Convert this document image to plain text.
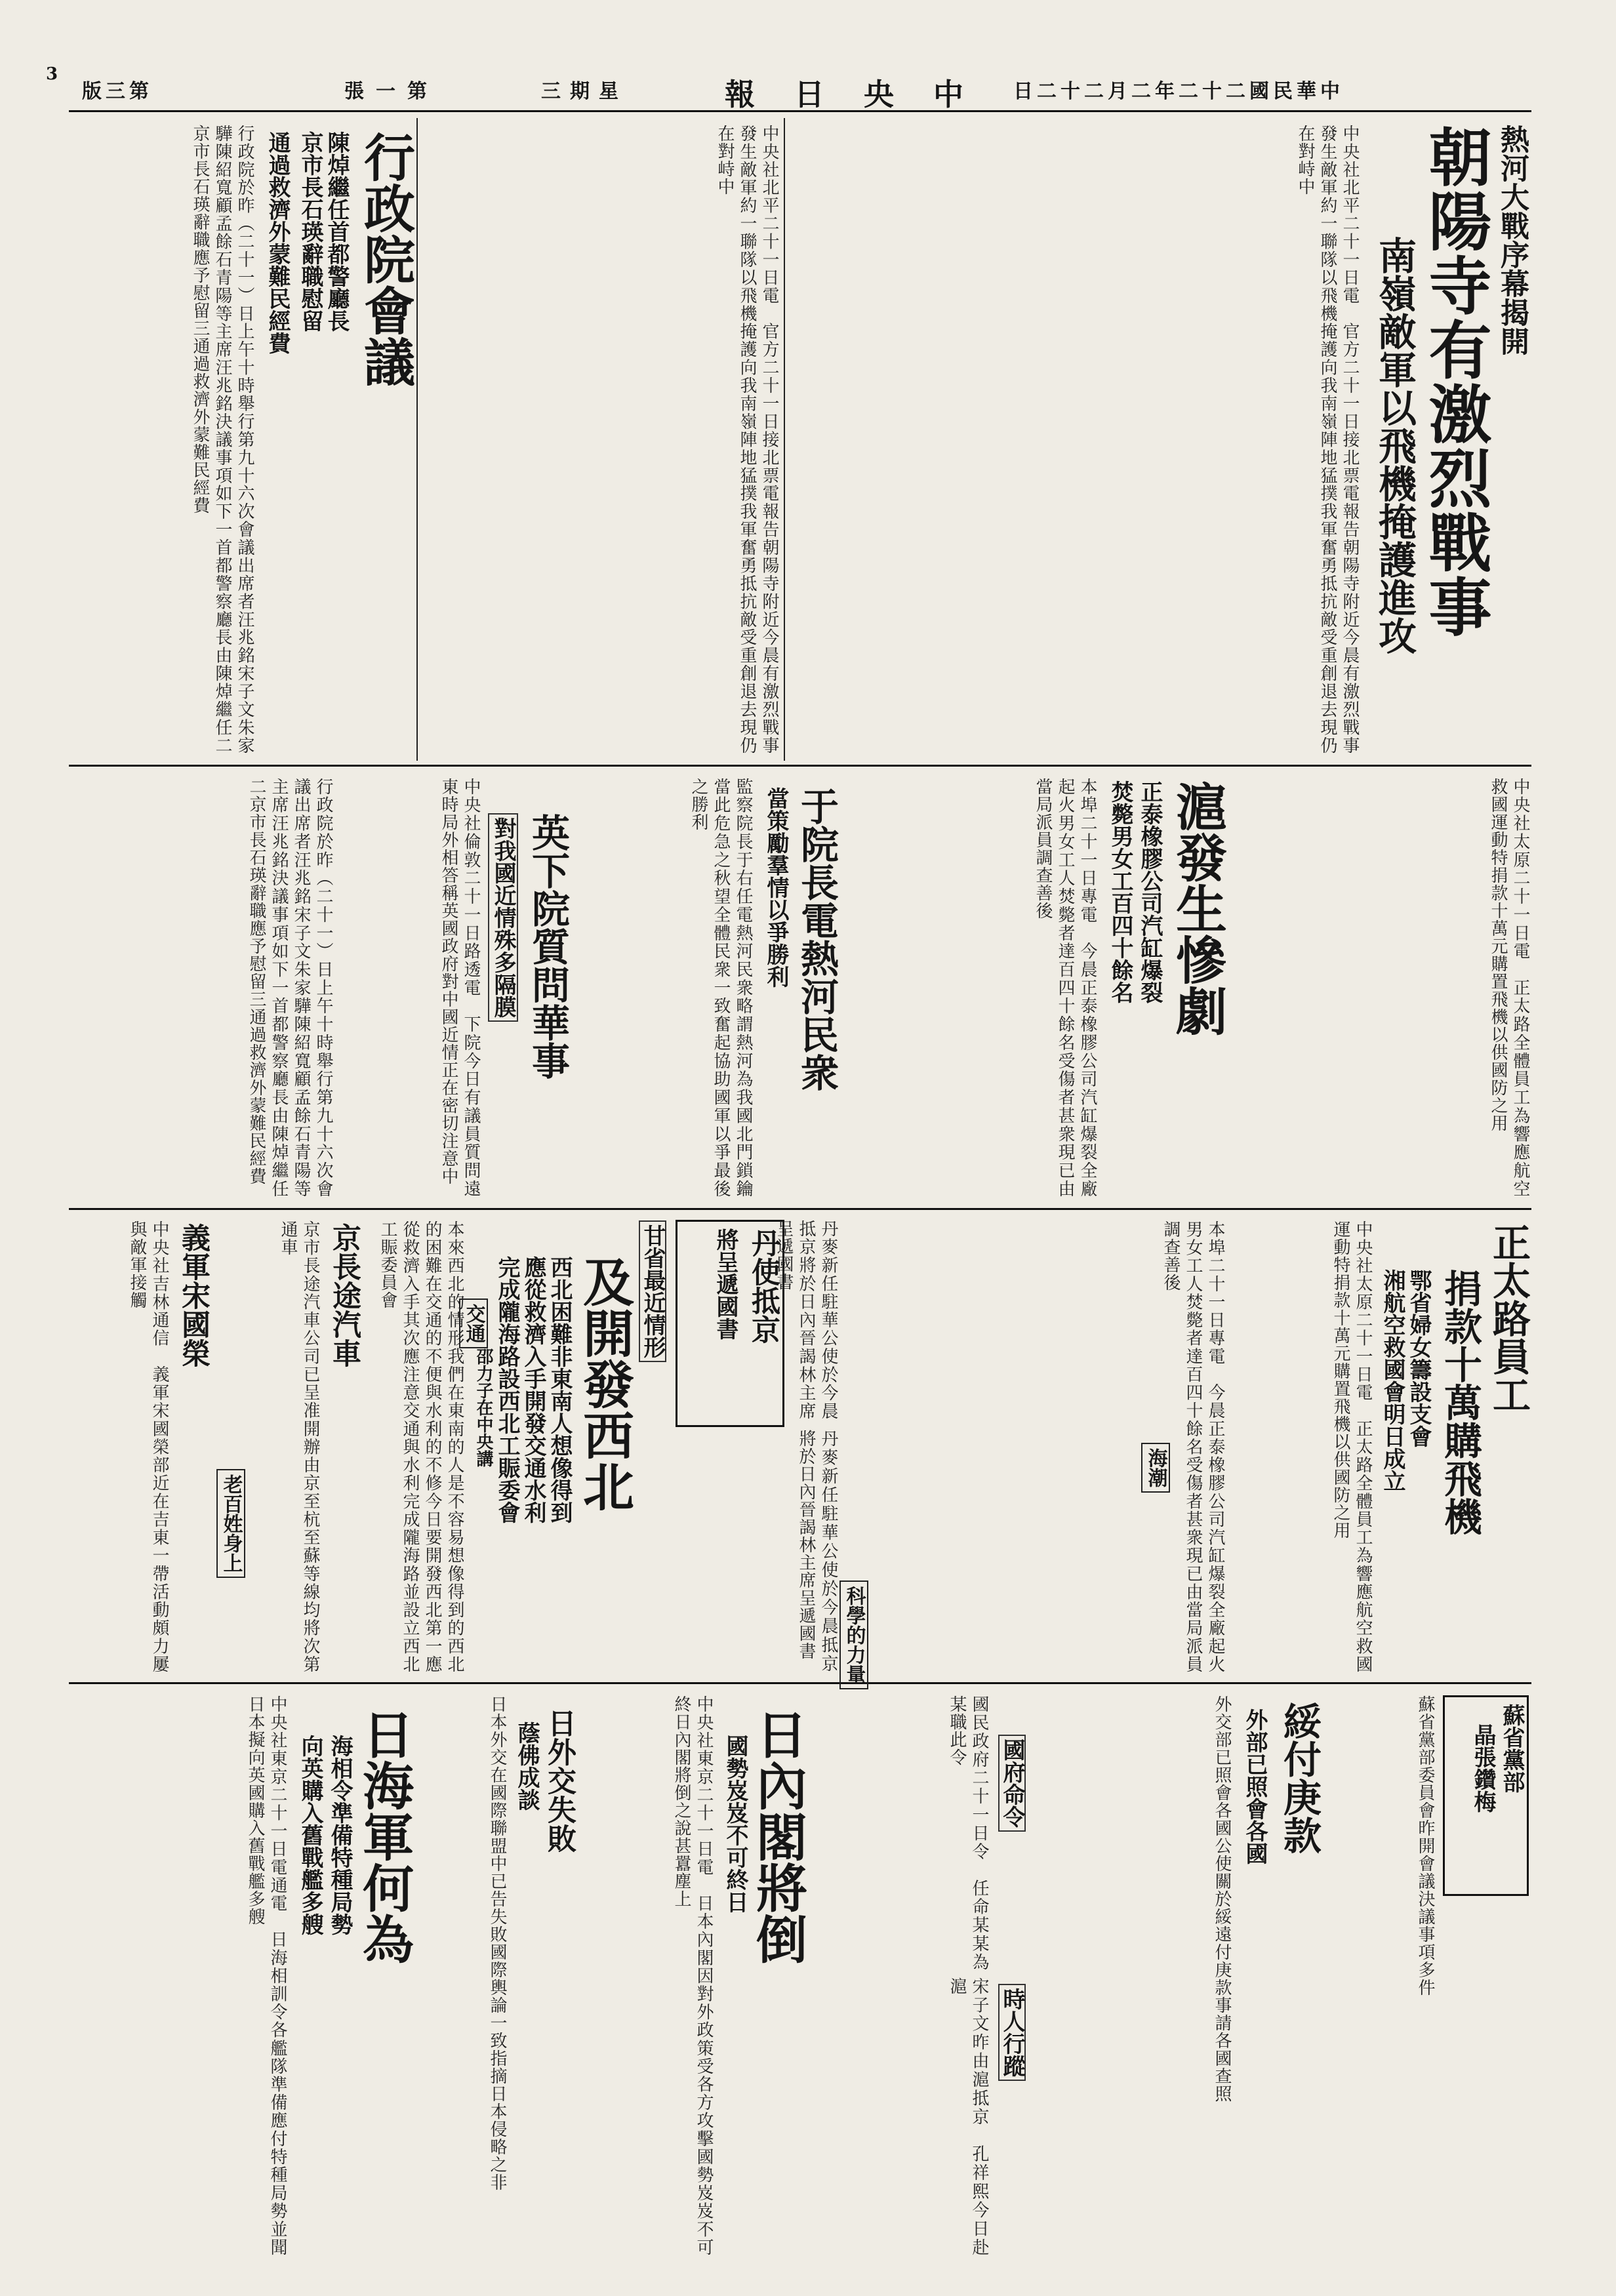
3
版三第	張一第	三期星	報日央中 日二十二月二年二十二國民華中
熱河大戰序幕揭開
朝陽寺有激烈戰事
南嶺敵軍以飛機掩護進攻
中央社北平二十一日電　官方二十一日接北票電報告朝陽寺附近今晨有激烈戰事發生敵軍約一聯隊以飛機掩護向我南嶺陣地猛撲我軍奮勇抵抗敵受重創退去現仍在對峙中
中央社北平二十一日電　官方二十一日接北票電報告朝陽寺附近今晨有激烈戰事發生敵軍約一聯隊以飛機掩護向我南嶺陣地猛撲我軍奮勇抵抗敵受重創退去現仍在對峙中
行政院會議
陳焯繼任首都警廳長
京市長石瑛辭職慰留
通過救濟外蒙難民經費
行政院於昨（二十一）日上午十時舉行第九十六次會議出席者汪兆銘宋子文朱家驊陳紹寬顧孟餘石青陽等主席汪兆銘決議事項如下一首都警察廳長由陳焯繼任二京市長石瑛辭職應予慰留三通過救濟外蒙難民經費
中央社太原二十一日電　正太路全體員工為響應航空救國運動特捐款十萬元購置飛機以供國防之用
滬發生慘劇
正泰橡膠公司汽缸爆裂
焚斃男女工百四十餘名
本埠二十一日專電　今晨正泰橡膠公司汽缸爆裂全廠起火男女工人焚斃者達百四十餘名受傷者甚衆現已由當局派員調查善後
于院長電熱河民衆
當策勵羣情以爭勝利
監察院長于右任電熱河民衆略謂熱河為我國北門鎖鑰當此危急之秋望全體民衆一致奮起協助國軍以爭最後之勝利
英下院質問華事
對我國近情殊多隔膜
中央社倫敦二十一日路透電　下院今日有議員質問遠東時局外相答稱英國政府對中國近情正在密切注意中
行政院於昨（二十一）日上午十時舉行第九十六次會議出席者汪兆銘宋子文朱家驊陳紹寬顧孟餘石青陽等主席汪兆銘決議事項如下一首都警察廳長由陳焯繼任二京市長石瑛辭職應予慰留三通過救濟外蒙難民經費
正太路員工
捐款十萬購飛機
鄂省婦女籌設支會
湘航空救國會明日成立
中央社太原二十一日電　正太路全體員工為響應航空救國運動特捐款十萬元購置飛機以供國防之用
本埠二十一日專電　今晨正泰橡膠公司汽缸爆裂全廠起火男女工人焚斃者達百四十餘名受傷者甚衆現已由當局派員調查善後
丹使抵京
將呈遞國書
丹麥新任駐華公使於今晨抵京將於日內晉謁林主席呈遞國書
丹麥新任駐華公使於今晨抵京將於日內晉謁林主席呈遞國書
甘省最近情形
及開發西北
西北困難非東南人想像得到
應從救濟入手開發交通水利
完成隴海路設西北工賑委會
邵力子在中央講
本來西北的情形我們在東南的人是不容易想像得到的西北的困難在交通的不便與水利的不修今日要開發西北第一應從救濟入手其次應注意交通與水利完成隴海路並設立西北工賑委員會
京長途汽車
京市長途汽車公司已呈准開辦由京至杭至蘇等線均將次第通車
義軍宋國榮
中央社吉林通信　義軍宋國榮部近在吉東一帶活動頗力屢與敵軍接觸
蘇省黨部
晶張鑽梅
蘇省黨部委員會昨開會議決議事項多件
綏付庚款
外部已照會各國
外交部已照會各國公使關於綏遠付庚款事請各國查照
國府命令
時人行蹤
國民政府二十一日令　任命某某為某職此令
宋子文昨由滬抵京　孔祥熙今日赴滬
日內閣將倒
國勢岌岌不可終日
中央社東京二十一日電　日本內閣因對外政策受各方攻擊國勢岌岌不可終日內閣將倒之說甚囂塵上
日外交失敗
蔭佛成談
日本外交在國際聯盟中已告失敗國際輿論一致指摘日本侵略之非
日海軍何為
海相令準備特種局勢
向英購入舊戰艦多艘
中央社東京二十一日電通電　日海相訓令各艦隊準備應付特種局勢並聞日本擬向英國購入舊戰艦多艘
海潮
交通
老百姓身上
科學的力量
